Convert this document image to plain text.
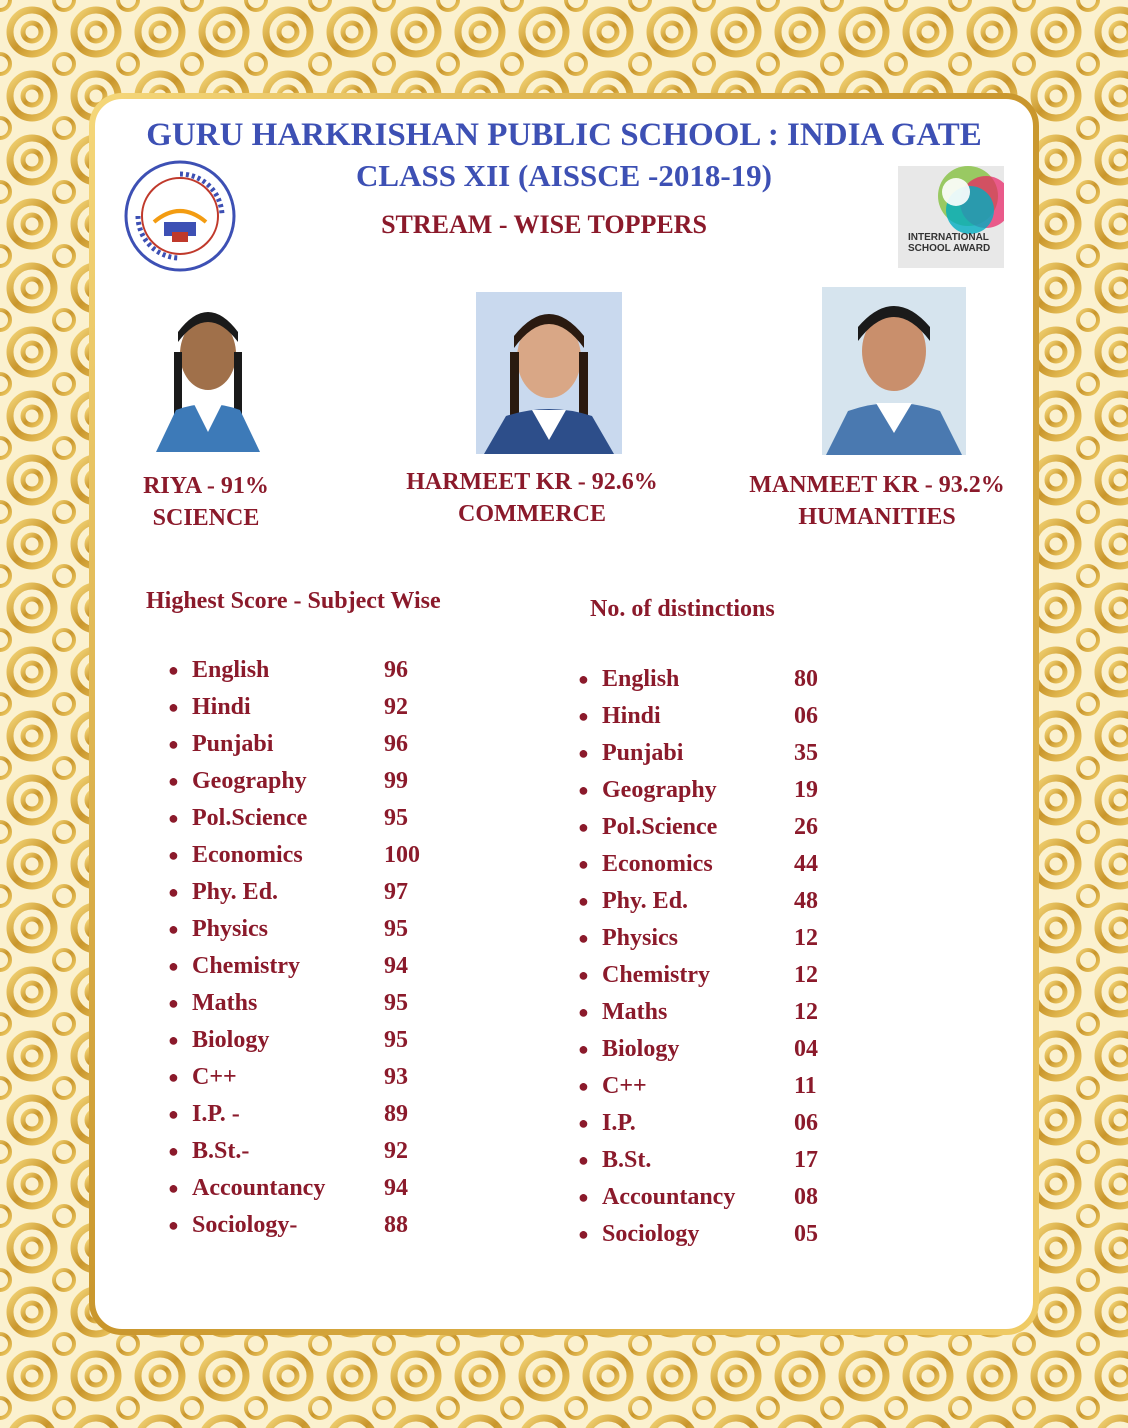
GURU HARKRISHAN PUBLIC SCHOOL : INDIA GATE
CLASS XII (AISSCE -2018-19)
STREAM - WISE TOPPERS	INTERNATIONAL
SCHOOL AWARD
RIYA - 91%
SCIENCE
HARMEET KR - 92.6%
COMMERCE
MANMEET KR - 93.2%
HUMANITIES
Highest Score - Subject Wise
● English	96
● Hindi	92
● Punjabi	96
● Geography	99
● Pol.Science	95
● Economics	100
● Phy. Ed.	97
● Physics	95
● Chemistry	94
● Maths	95
● Biology	95
● C++	93
● I.P. -	89
● B.St.-	92
● Accountancy 94
● Sociology-	88
No. of distinctions
● English	80
● Hindi	06
● Punjabi	35
● Geography	19
● Pol.Science	26
● Economics	44
● Phy. Ed.	48
● Physics	12
● Chemistry	12
● Maths	12
● Biology	04
● C++	11
● I.P.	06
● B.St.	17
● Accountancy 08
● Sociology	05
